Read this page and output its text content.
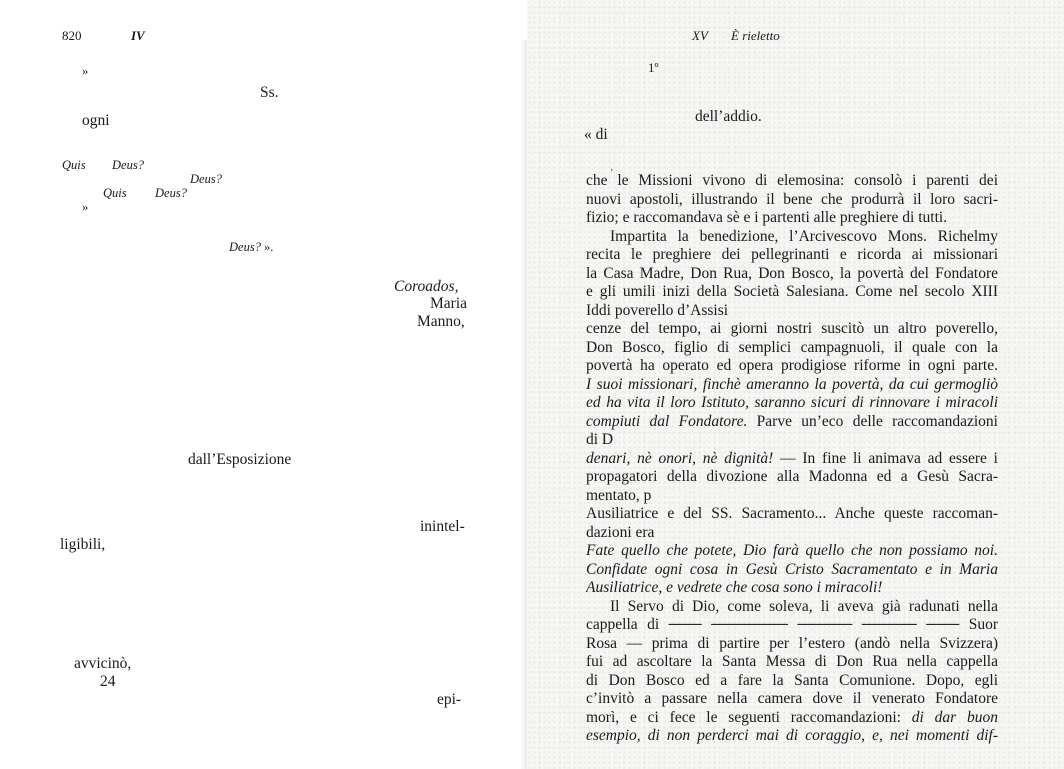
820	IV
»
Ss.
ogni
Quis Deus?
Deus?
Quis Deus?
»
Deus? ».
Coroados,
Maria
Manno,
dall’Esposizione
inintel-
ligibili,
avvicinò,
24
epi-
XV È rieletto
1º
dell’addio.
« di
che le Missioni vivono di elemosina: consolò i parenti dei
nuovi apostoli, illustrando il bene che produrrà il loro sacri-
fizio; e raccomandava sè e i partenti alle preghiere di tutti.
Impartita la benedizione, l’Arcivescovo Mons. Richelmy
recita le preghiere dei pellegrinanti e ricorda ai missionari
la Casa Madre, Don Rua, Don Bosco, la povertà del Fondatore
e gli umili inizi della Società Salesiana. Come nel secolo XIII
Iddi poverello d’Assisi
cenze del tempo, ai giorni nostri suscitò un altro poverello,
Don Bosco, figlio di semplici campagnuoli, il quale con la
povertà ha operato ed opera prodigiose riforme in ogni parte.
I suoi missionari, finchè ameranno la povertà, da cui germogliò
ed ha vita il loro Istituto, saranno sicuri di rinnovare i miracoli
compiuti dal Fondatore. Parve un’eco delle raccomandazioni
di D
denari, nè onori, nè dignità! — In fine li animava ad essere i
propagatori della divozione alla Madonna ed a Gesù Sacra-
mentato, p
Ausiliatrice e del SS. Sacramento... Anche queste raccoman-
dazioni era
Fate quello che potete, Dio farà quello che non possiamo noi.
Confidate ogni cosa in Gesù Cristo Sacramentato e in Maria
Ausiliatrice, e vedrete che cosa sono i miracoli!
Il Servo di Dio, come soleva, li aveva già radunati nella
cappella di ─── ─────── ───── ───── ─── Suor
Rosa — prima di partire per l’estero (andò nella Svizzera)
fui ad ascoltare la Santa Messa di Don Rua nella cappella
di Don Bosco ed a fare la Santa Comunione. Dopo, egli
c’invitò a passare nella camera dove il venerato Fondatore
morì, e ci fece le seguenti raccomandazioni: di dar buon
esempio, di non perderci mai di coraggio, e, nei momenti dif-
